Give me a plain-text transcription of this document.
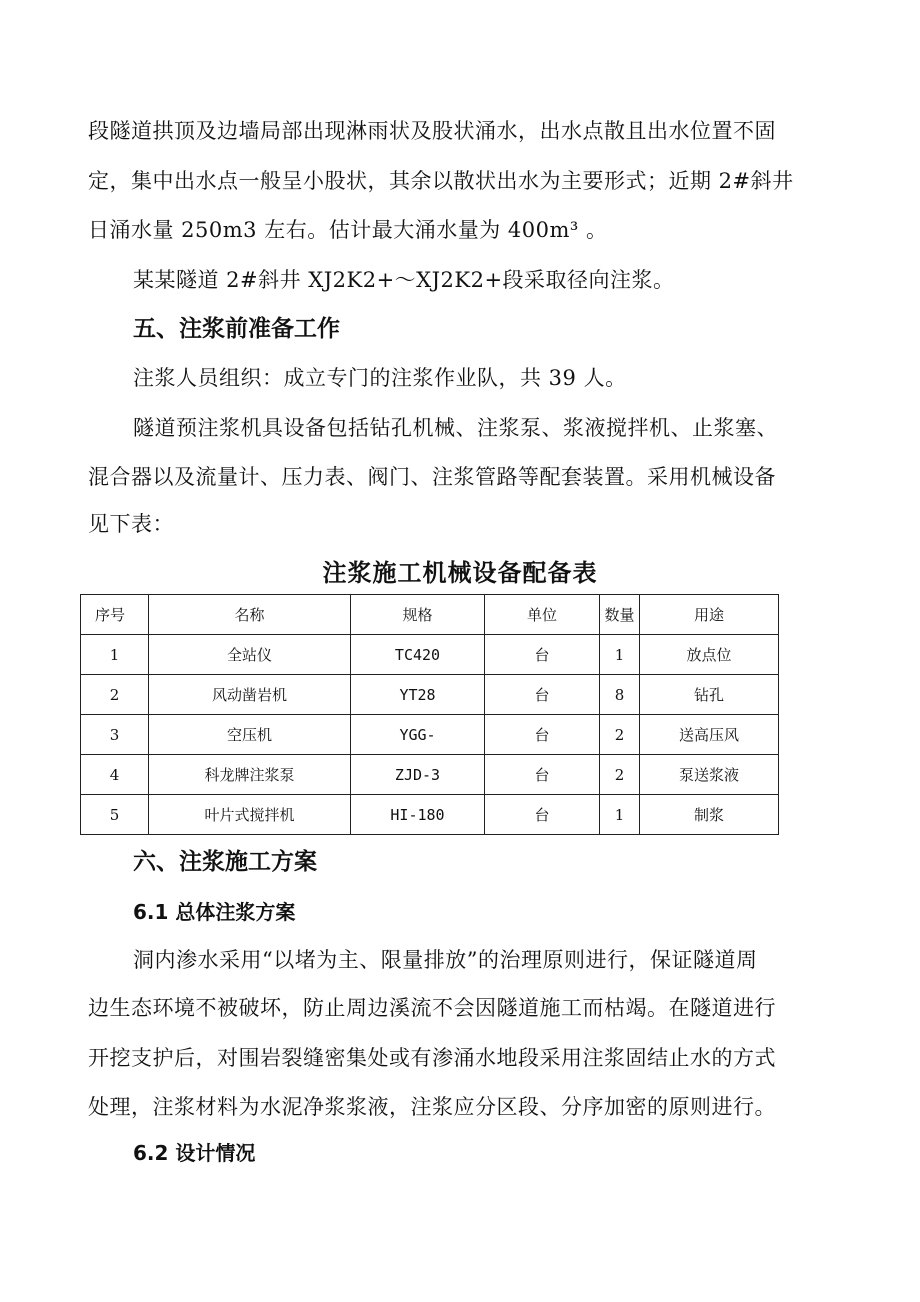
段隧道拱顶及边墙局部出现淋雨状及股状涌水，出水点散且出水位置不固
定，集中出水点一般呈小股状，其余以散状出水为主要形式；近期 2#斜井
日涌水量 250m3 左右。估计最大涌水量为 400m³ 。
某某隧道 2#斜井 XJ2K2+～XJ2K2+段采取径向注浆。
五、注浆前准备工作
注浆人员组织：成立专门的注浆作业队，共 39 人。
隧道预注浆机具设备包括钻孔机械、注浆泵、浆液搅拌机、止浆塞、
混合器以及流量计、压力表、阀门、注浆管路等配套装置。采用机械设备
见下表：
注浆施工机械设备配备表
序号	名称	规格	单位	数量	用途
1	全站仪	TC420	台	1	放点位
2	风动凿岩机	YT28	台	8	钻孔
3	空压机	YGG-	台	2	送高压风
4	科龙牌注浆泵	ZJD-3	台	2	泵送浆液
5	叶片式搅拌机	HI-180	台	1	制浆
六、注浆施工方案
6.1 总体注浆方案
洞内渗水采用“以堵为主、限量排放”的治理原则进行，保证隧道周
边生态环境不被破坏，防止周边溪流不会因隧道施工而枯竭。在隧道进行
开挖支护后，对围岩裂缝密集处或有渗涌水地段采用注浆固结止水的方式
处理，注浆材料为水泥净浆浆液，注浆应分区段、分序加密的原则进行。
6.2 设计情况
